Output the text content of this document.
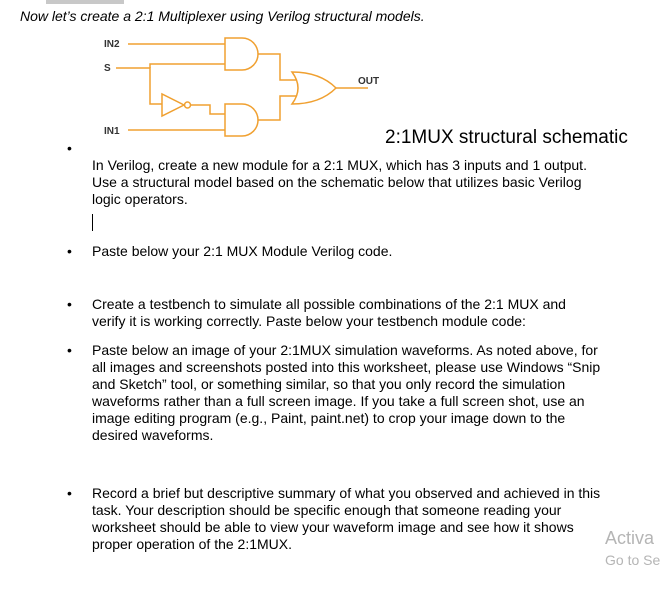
Now let’s create a 2:1 Multiplexer using Verilog structural models.

IN2
S
IN1
OUT
2:1MUX structural schematic
•

In Verilog, create a new module for a 2:1 MUX, which has 3 inputs and 1 output. Use a structural model based on the schematic below that utilizes basic Verilog logic operators.

• Paste below your 2:1 MUX Module Verilog code.

• Create a testbench to simulate all possible combinations of the 2:1 MUX and verify it is working correctly. Paste below your testbench module code:

• Paste below an image of your 2:1MUX simulation waveforms. As noted above, for all images and screenshots posted into this worksheet, please use Windows “Snip and Sketch” tool, or something similar, so that you only record the simulation waveforms rather than a full screen image. If you take a full screen shot, use an image editing program (e.g., Paint, paint.net) to crop your image down to the desired waveforms.

• Record a brief but descriptive summary of what you observed and achieved in this task. Your description should be specific enough that someone reading your worksheet should be able to view your waveform image and see how it shows proper operation of the 2:1MUX.	Activa
Go to Se
